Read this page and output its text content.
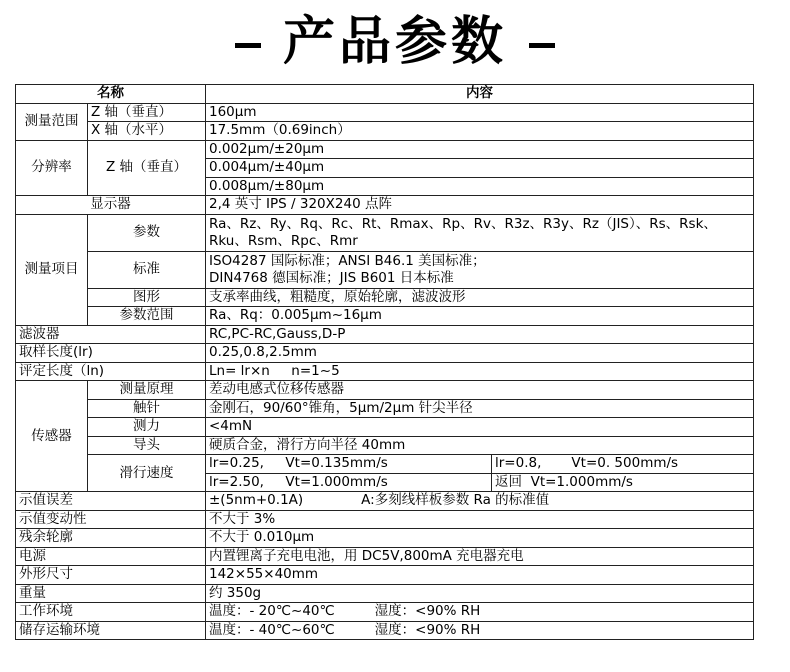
产品参数
名称		内容	
测量范围	Z 轴（垂直）	160μm	
	X 轴（水平）	17.5mm（0.69inch）	
分辨率	Z 轴（垂直）	0.002μm/±20μm	
		0.004μm/±40μm	
		0.008μm/±80μm	
显示器		2,4 英寸 IPS / 320X240 点阵	
测量项目	参数	Ra、Rz、Ry、Rq、Rc、Rt、Rmax、Rp、Rv、R3z、R3y、Rz（JIS）、Rs、Rsk、Rku、Rsm、Rpc、Rmr	
	标准	ISO4287 国际标准；ANSI B46.1 美国标准；
DIN4768 德国标准；JIS B601 日本标准	

	图形	支承率曲线，粗糙度，原始轮廓，滤波波形	
	参数范围	Ra、Rq：0.005μm~16μm	
滤波器		RC,PC-RC,Gauss,D-P	
取样长度(lr)		0.25,0.8,2.5mm	
评定长度（ln)		Ln= lr×n     n=1~5	
传感器	测量原理	差动电感式位移传感器	
	触针	金刚石，90/60°锥角，5μm/2μm 针尖半径	
	测力	<4mN	
	导头	硬质合金，滑行方向半径 40mm	
	滑行速度	lr=0.25,     Vt=0.135mm/s	lr=0.8,       Vt=0. 500mm/s
		lr=2.50,     Vt=1.000mm/s	返回  Vt=1.000mm/s
示值误差		±(5nm+0.1A) A:多刻线样板参数 Ra 的标准值	
示值变动性		不大于 3%	
残余轮廓		不大于 0.010μm	
电源		内置锂离子充电电池，用 DC5V,800mA 充电器充电	
外形尺寸		142×55×40mm	
重量		约 350g	
工作环境		温度：- 20℃~40℃ 湿度：<90% RH	
储存运输环境		温度：- 40℃~60℃ 湿度：<90% RH	
